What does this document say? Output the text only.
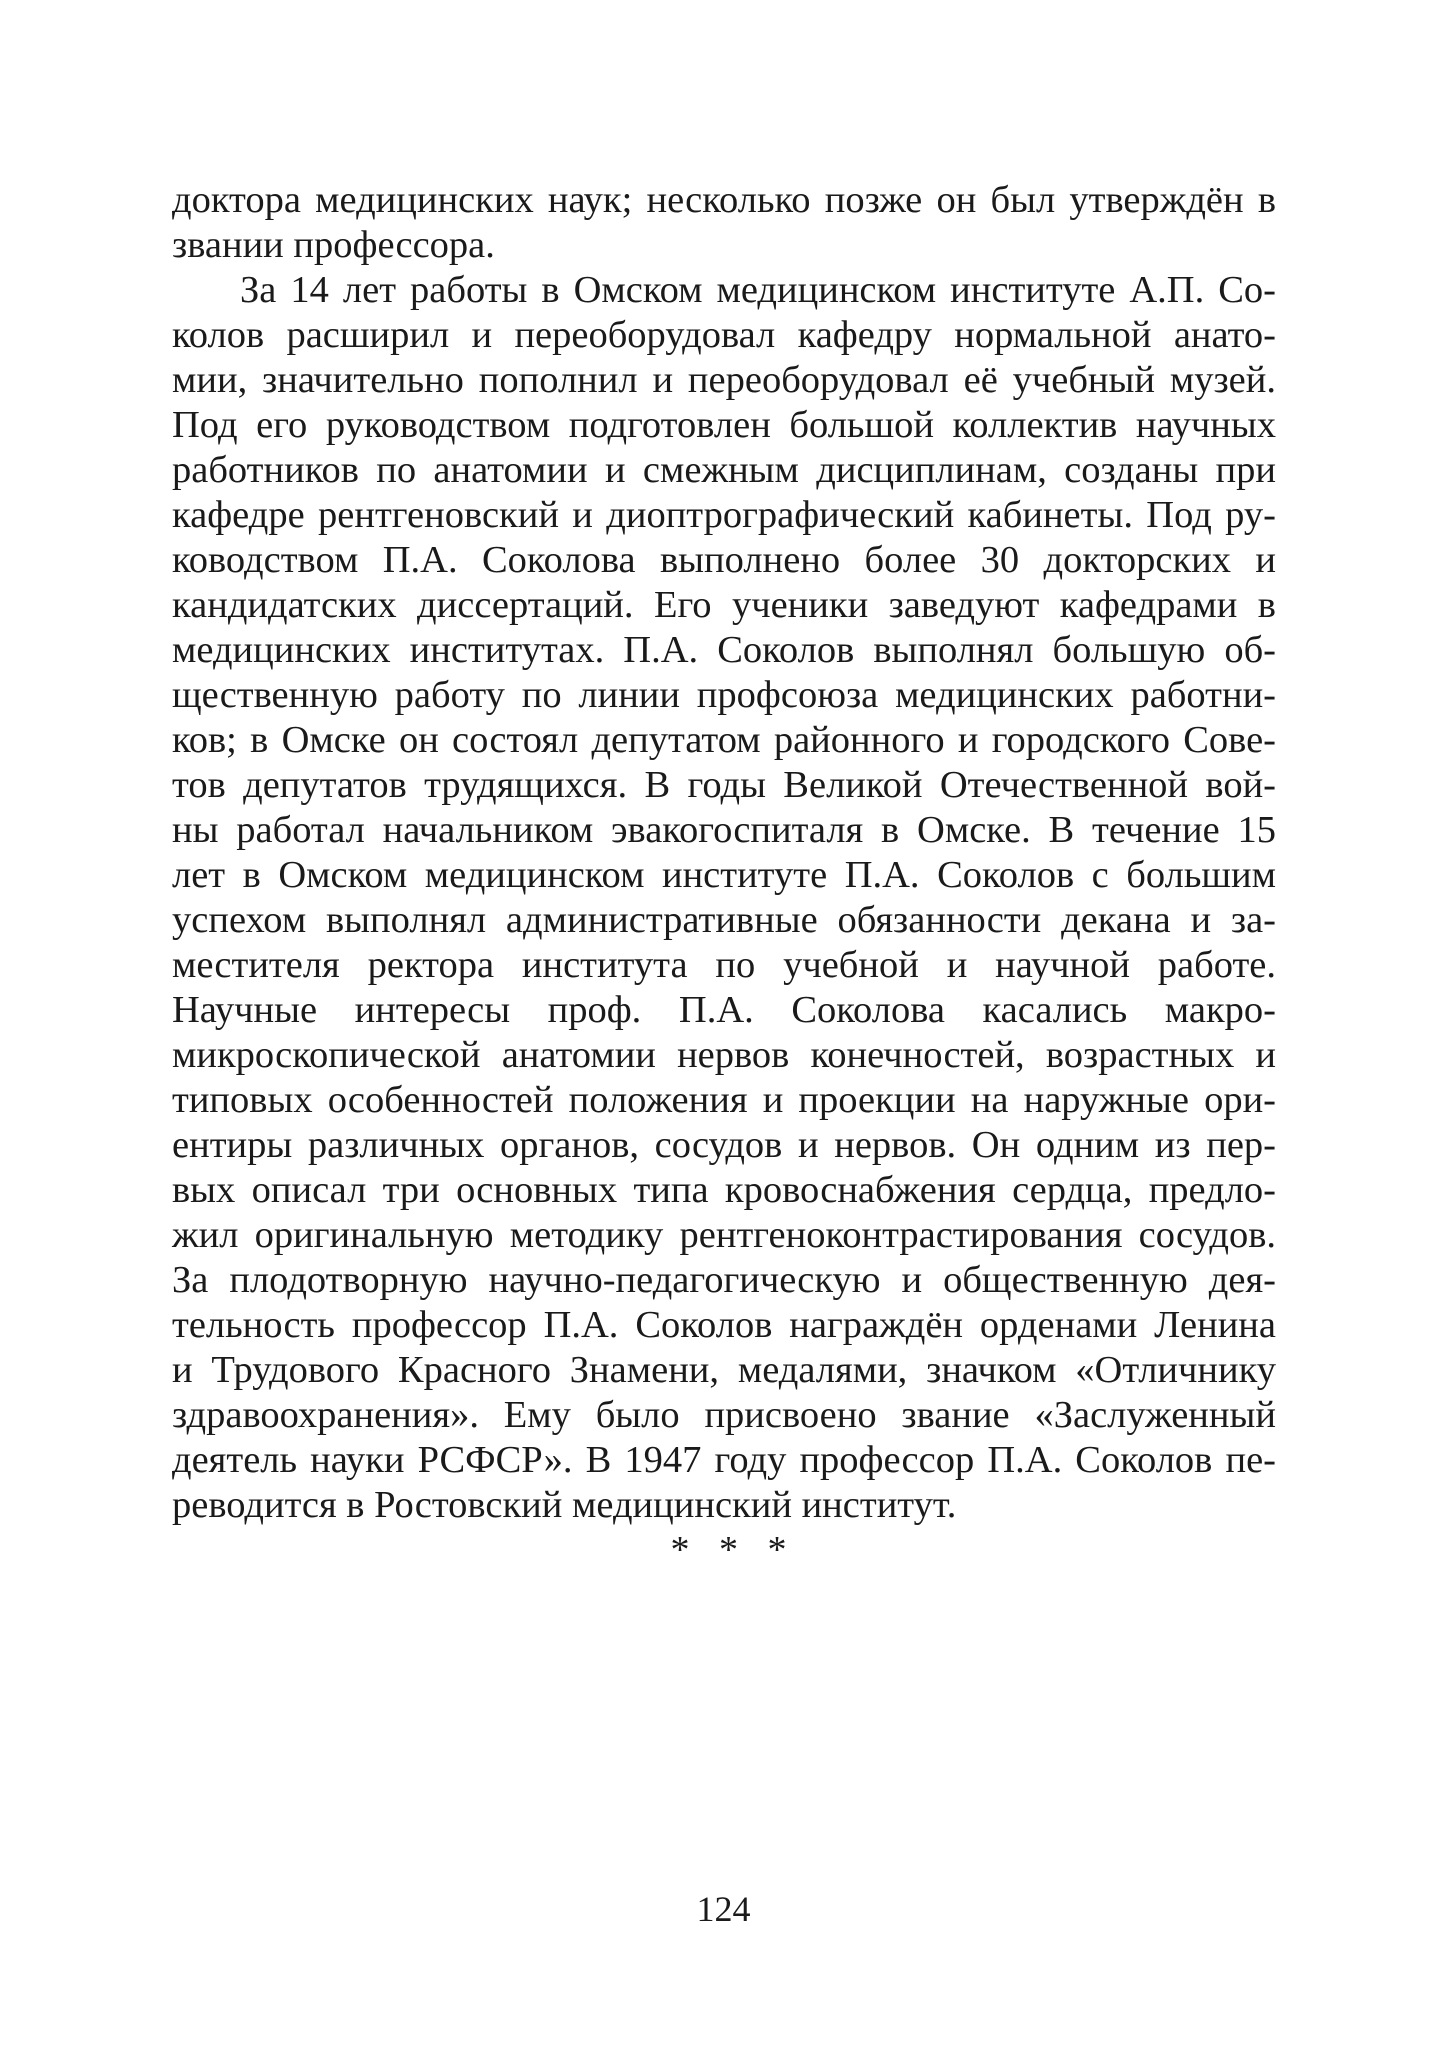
доктора медицинских наук; несколько позже он был утверждён в
звании профессора.
За 14 лет работы в Омском медицинском институте А.П. Со-
колов расширил и переоборудовал кафедру нормальной анато-
мии, значительно пополнил и переоборудовал её учебный музей.
Под его руководством подготовлен большой коллектив научных
работников по анатомии и смежным дисциплинам, созданы при
кафедре рентгеновский и диоптрографический кабинеты. Под ру-
ководством П.А. Соколова выполнено более 30 докторских и
кандидатских диссертаций. Его ученики заведуют кафедрами в
медицинских институтах. П.А. Соколов выполнял большую об-
щественную работу по линии профсоюза медицинских работни-
ков; в Омске он состоял депутатом районного и городского Сове-
тов депутатов трудящихся. В годы Великой Отечественной вой-
ны работал начальником эвакогоспиталя в Омске. В течение 15
лет в Омском медицинском институте П.А. Соколов с большим
успехом выполнял административные обязанности декана и за-
местителя ректора института по учебной и научной работе.
Научные интересы проф. П.А. Соколова касались макро-
микроскопической анатомии нервов конечностей, возрастных и
типовых особенностей положения и проекции на наружные ори-
ентиры различных органов, сосудов и нервов. Он одним из пер-
вых описал три основных типа кровоснабжения сердца, предло-
жил оригинальную методику рентгеноконтрастирования сосудов.
За плодотворную научно-педагогическую и общественную дея-
тельность профессор П.А. Соколов награждён орденами Ленина
и Трудового Красного Знамени, медалями, значком «Отличнику
здравоохранения». Ему было присвоено звание «Заслуженный
деятель науки РСФСР». В 1947 году профессор П.А. Соколов пе-
реводится в Ростовский медицинский институт.
* * *
124
